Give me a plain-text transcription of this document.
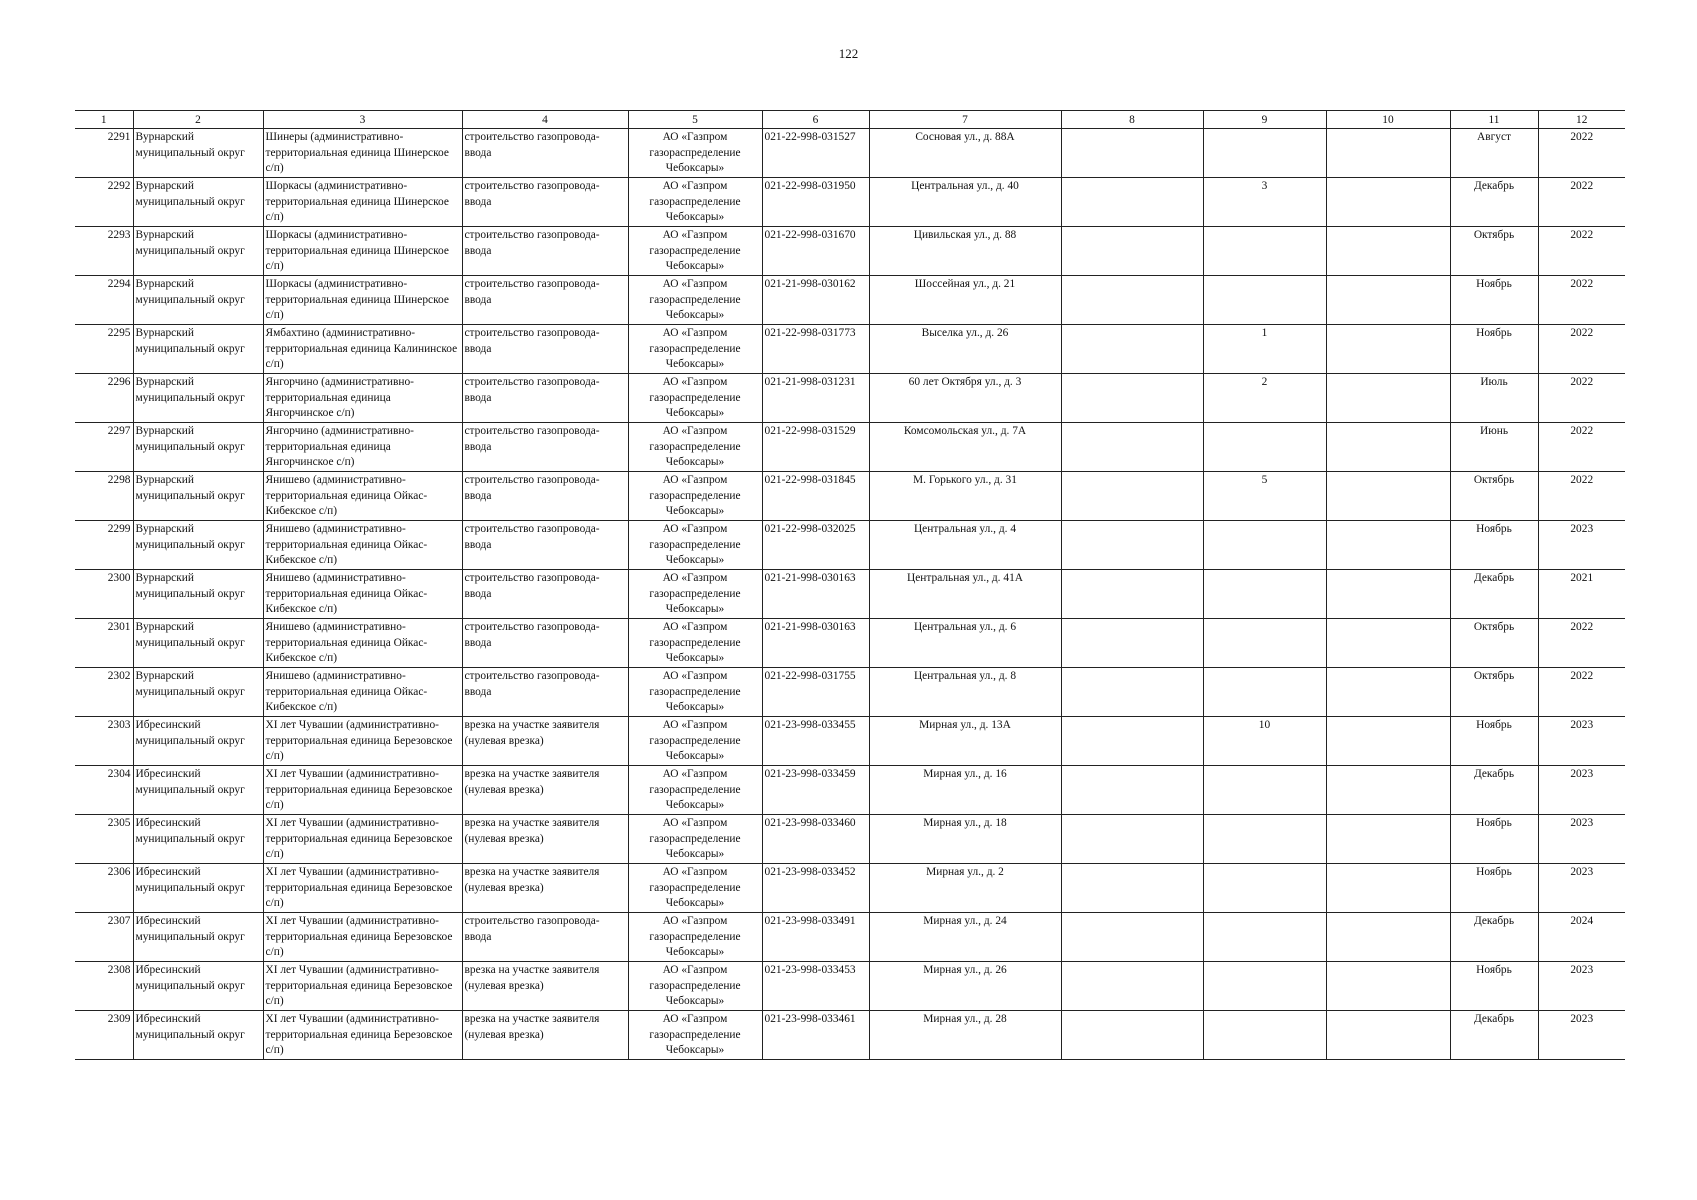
122
1	2	3	4	5	6	7	8	9	10	11	12
2291	Вурнарский муниципальный округ	Шинеры (административно-территориальная единица Шинерское с/п)	строительство газопровода-ввода	АО «Газпром газораспределение Чебоксары»	021-22-998-031527	Сосновая ул., д. 88А				Август	2022
2292	Вурнарский муниципальный округ	Шоркасы (административно-территориальная единица Шинерское с/п)	строительство газопровода-ввода	АО «Газпром газораспределение Чебоксары»	021-22-998-031950	Центральная ул., д. 40		3		Декабрь	2022
2293	Вурнарский муниципальный округ	Шоркасы (административно-территориальная единица Шинерское с/п)	строительство газопровода-ввода	АО «Газпром газораспределение Чебоксары»	021-22-998-031670	Цивильская ул., д. 88				Октябрь	2022
2294	Вурнарский муниципальный округ	Шоркасы (административно-территориальная единица Шинерское с/п)	строительство газопровода-ввода	АО «Газпром газораспределение Чебоксары»	021-21-998-030162	Шоссейная ул., д. 21				Ноябрь	2022
2295	Вурнарский муниципальный округ	Ямбахтино (административно-территориальная единица Калининское с/п)	строительство газопровода-ввода	АО «Газпром газораспределение Чебоксары»	021-22-998-031773	Выселка ул., д. 26		1		Ноябрь	2022
2296	Вурнарский муниципальный округ	Янгорчино (административно-территориальная единица Янгорчинское с/п)	строительство газопровода-ввода	АО «Газпром газораспределение Чебоксары»	021-21-998-031231	60 лет Октября ул., д. 3		2		Июль	2022
2297	Вурнарский муниципальный округ	Янгорчино (административно-территориальная единица Янгорчинское с/п)	строительство газопровода-ввода	АО «Газпром газораспределение Чебоксары»	021-22-998-031529	Комсомольская ул., д. 7А				Июнь	2022
2298	Вурнарский муниципальный округ	Янишево (административно-территориальная единица Ойкас-Кибекское с/п)	строительство газопровода-ввода	АО «Газпром газораспределение Чебоксары»	021-22-998-031845	М. Горького ул., д. 31		5		Октябрь	2022
2299	Вурнарский муниципальный округ	Янишево (административно-территориальная единица Ойкас-Кибекское с/п)	строительство газопровода-ввода	АО «Газпром газораспределение Чебоксары»	021-22-998-032025	Центральная ул., д. 4				Ноябрь	2023
2300	Вурнарский муниципальный округ	Янишево (административно-территориальная единица Ойкас-Кибекское с/п)	строительство газопровода-ввода	АО «Газпром газораспределение Чебоксары»	021-21-998-030163	Центральная ул., д. 41А				Декабрь	2021
2301	Вурнарский муниципальный округ	Янишево (административно-территориальная единица Ойкас-Кибекское с/п)	строительство газопровода-ввода	АО «Газпром газораспределение Чебоксары»	021-21-998-030163	Центральная ул., д. 6				Октябрь	2022
2302	Вурнарский муниципальный округ	Янишево (административно-территориальная единица Ойкас-Кибекское с/п)	строительство газопровода-ввода	АО «Газпром газораспределение Чебоксары»	021-22-998-031755	Центральная ул., д. 8				Октябрь	2022
2303	Ибресинский муниципальный округ	XI лет Чувашии (административно-территориальная единица Березовское с/п)	врезка на участке заявителя (нулевая врезка)	АО «Газпром газораспределение Чебоксары»	021-23-998-033455	Мирная ул., д. 13А		10		Ноябрь	2023
2304	Ибресинский муниципальный округ	XI лет Чувашии (административно-территориальная единица Березовское с/п)	врезка на участке заявителя (нулевая врезка)	АО «Газпром газораспределение Чебоксары»	021-23-998-033459	Мирная ул., д. 16				Декабрь	2023
2305	Ибресинский муниципальный округ	XI лет Чувашии (административно-территориальная единица Березовское с/п)	врезка на участке заявителя (нулевая врезка)	АО «Газпром газораспределение Чебоксары»	021-23-998-033460	Мирная ул., д. 18				Ноябрь	2023
2306	Ибресинский муниципальный округ	XI лет Чувашии (административно-территориальная единица Березовское с/п)	врезка на участке заявителя (нулевая врезка)	АО «Газпром газораспределение Чебоксары»	021-23-998-033452	Мирная ул., д. 2				Ноябрь	2023
2307	Ибресинский муниципальный округ	XI лет Чувашии (административно-территориальная единица Березовское с/п)	строительство газопровода-ввода	АО «Газпром газораспределение Чебоксары»	021-23-998-033491	Мирная ул., д. 24				Декабрь	2024
2308	Ибресинский муниципальный округ	XI лет Чувашии (административно-территориальная единица Березовское с/п)	врезка на участке заявителя (нулевая врезка)	АО «Газпром газораспределение Чебоксары»	021-23-998-033453	Мирная ул., д. 26				Ноябрь	2023
2309	Ибресинский муниципальный округ	XI лет Чувашии (административно-территориальная единица Березовское с/п)	врезка на участке заявителя (нулевая врезка)	АО «Газпром газораспределение Чебоксары»	021-23-998-033461	Мирная ул., д. 28				Декабрь	2023
